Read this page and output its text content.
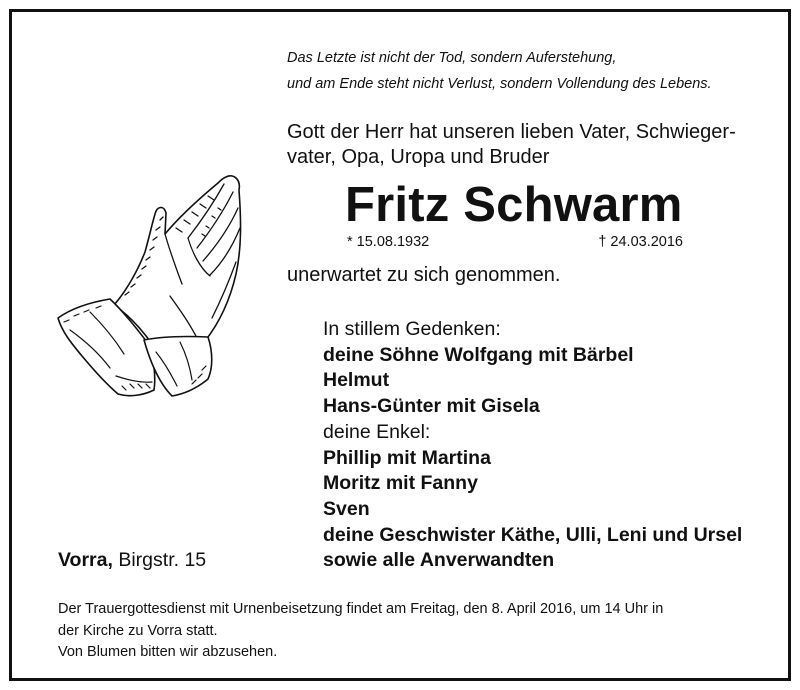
Das Letzte ist nicht der Tod, sondern Auferstehung,
und am Ende steht nicht Verlust, sondern Vollendung des Lebens.
Gott der Herr hat unseren lieben Vater, Schwieger-
vater, Opa, Uropa und Bruder
Fritz Schwarm
* 15.08.1932	† 24.03.2016
unerwartet zu sich genommen.
In stillem Gedenken:
deine Söhne Wolfgang mit Bärbel
Helmut
Hans-Günter mit Gisela
deine Enkel:
Phillip mit Martina
Moritz mit Fanny
Sven
deine Geschwister Käthe, Ulli, Leni und Ursel
sowie alle Anverwandten
Vorra, Birgstr. 15
Der Trauergottesdienst mit Urnenbeisetzung findet am Freitag, den 8. April 2016, um 14 Uhr in
der Kirche zu Vorra statt.
Von Blumen bitten wir abzusehen.
